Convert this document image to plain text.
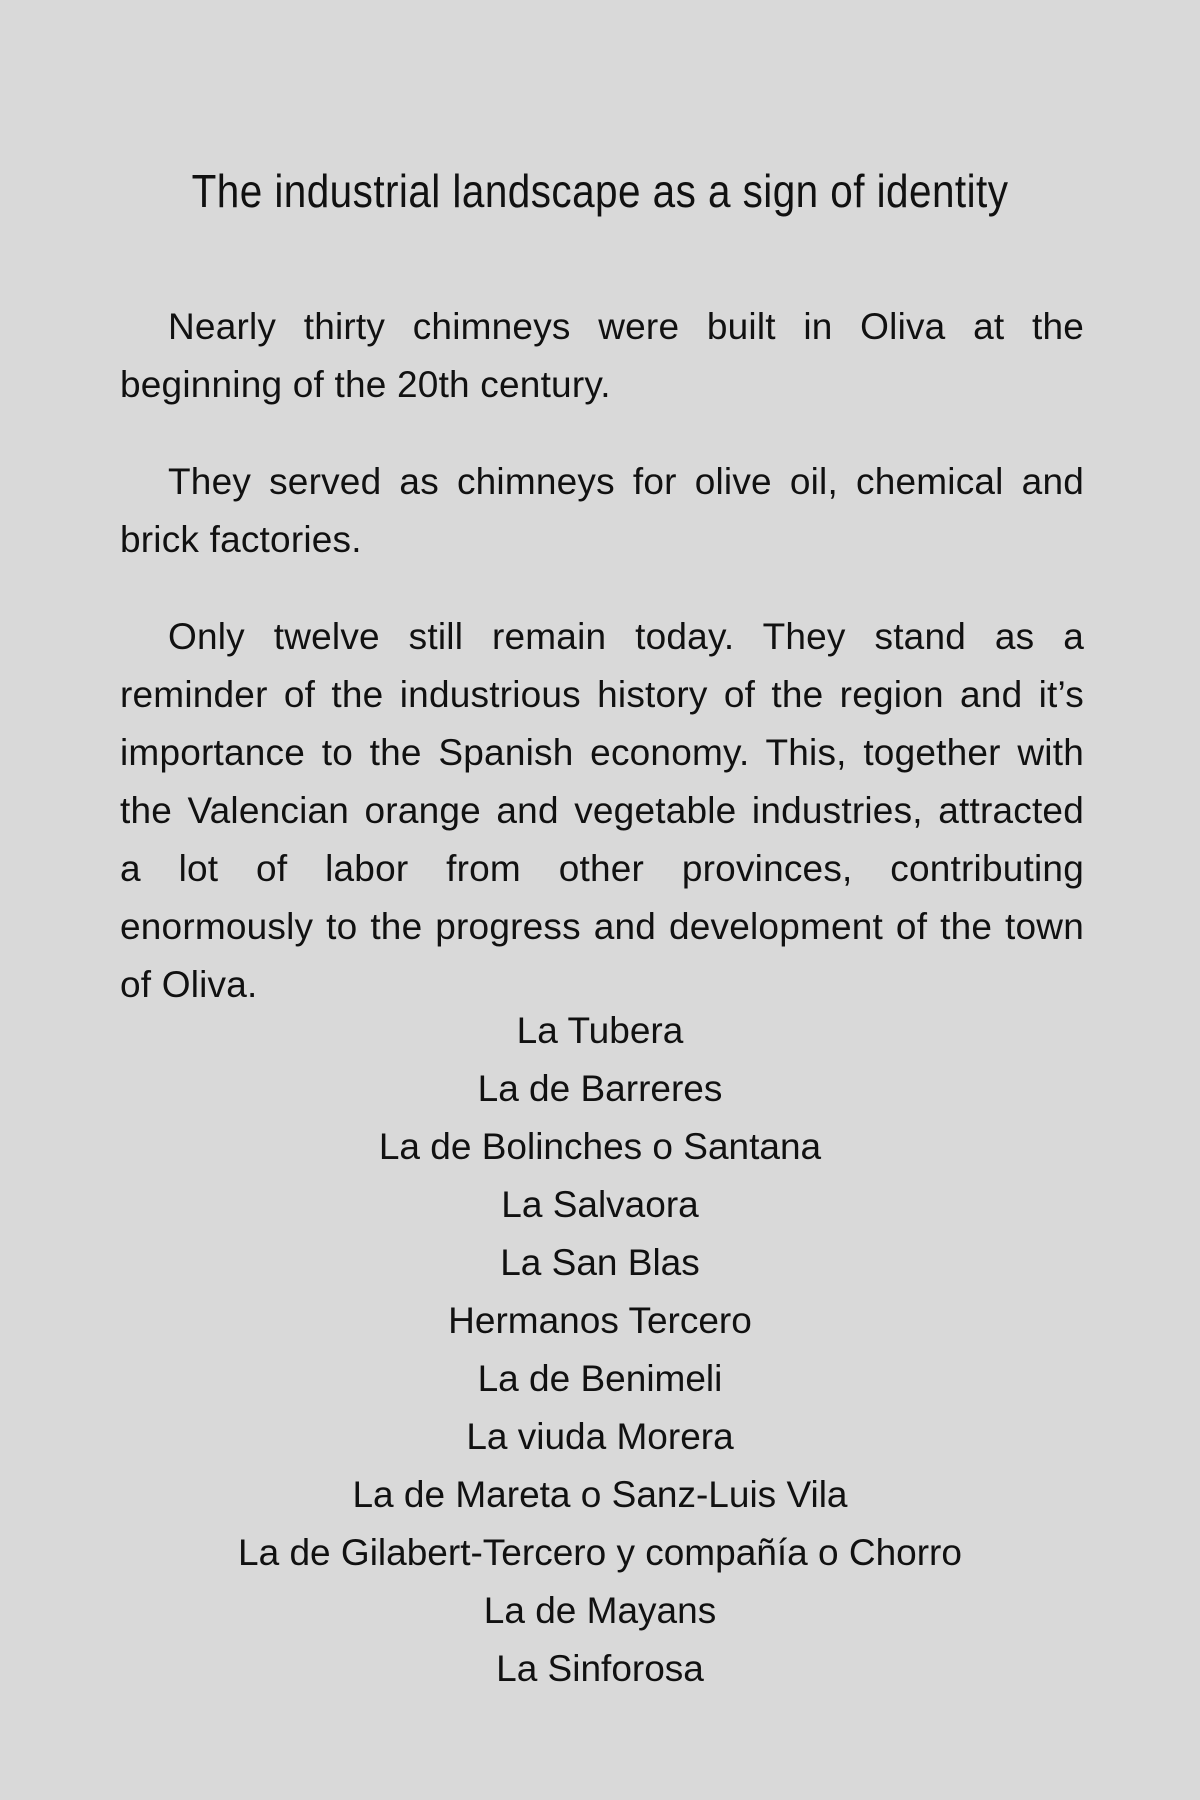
The industrial landscape as a sign of identity

Nearly thirty chimneys were built in Oliva at the beginning of the 20th century.

They served as chimneys for olive oil, chemical and brick factories.

Only twelve still remain today. They stand as a reminder of the industrious history of the region and it’s importance to the Spanish economy. This, together with the Valencian orange and vegetable industries, attracted a lot of labor from other provinces, contributing enormously to the progress and development of the town of Oliva.

La Tubera
La de Barreres
La de Bolinches o Santana
La Salvaora
La San Blas
Hermanos Tercero
La de Benimeli
La viuda Morera
La de Mareta o Sanz-Luis Vila
La de Gilabert-Tercero y compañía o Chorro
La de Mayans
La Sinforosa
